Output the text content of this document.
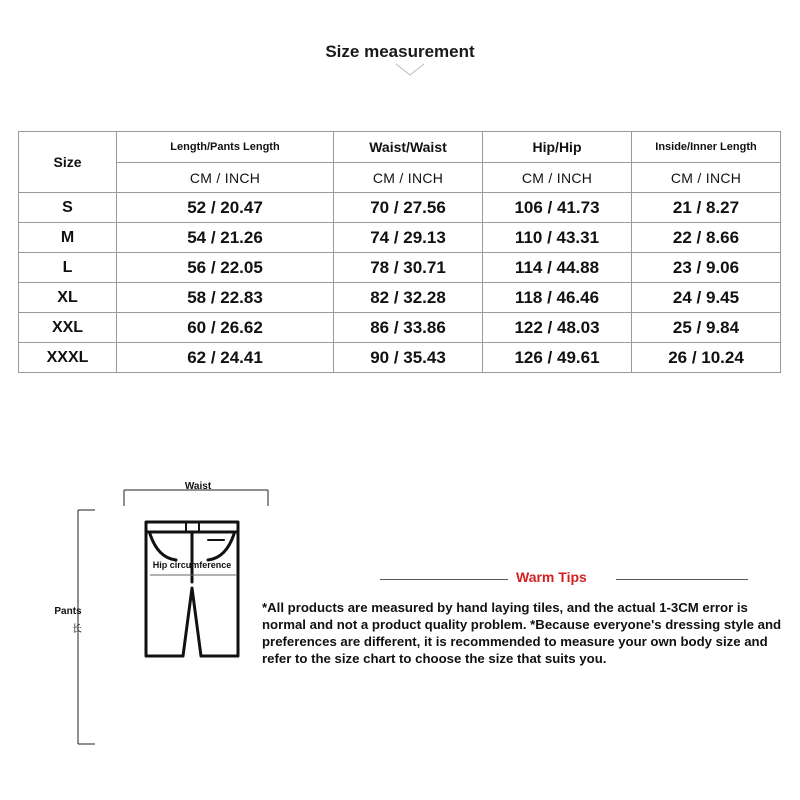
Size measurement
Size	Length/Pants Length	Waist/Waist	Hip/Hip	Inside/Inner Length
	CM / INCH	CM / INCH	CM / INCH	CM / INCH
S	52 / 20.47	70 / 27.56	106 / 41.73	21 / 8.27
M	54 / 21.26	74 / 29.13	110 / 43.31	22 / 8.66
L	56 / 22.05	78 / 30.71	114 / 44.88	23 / 9.06
XL	58 / 22.83	82 / 32.28	118 / 46.46	24 / 9.45
XXL	60 / 26.62	86 / 33.86	122 / 48.03	25 / 9.84
XXXL	62 / 24.41	90 / 35.43	126 / 49.61	26 / 10.24
Waist
Pants
长
Hip circumference
Warm Tips

*All products are measured by hand laying tiles, and the actual 1-3CM error is normal and not a product quality problem. *Because everyone's dressing style and preferences are different, it is recommended to measure your own body size and refer to the size chart to choose the size that suits you.
